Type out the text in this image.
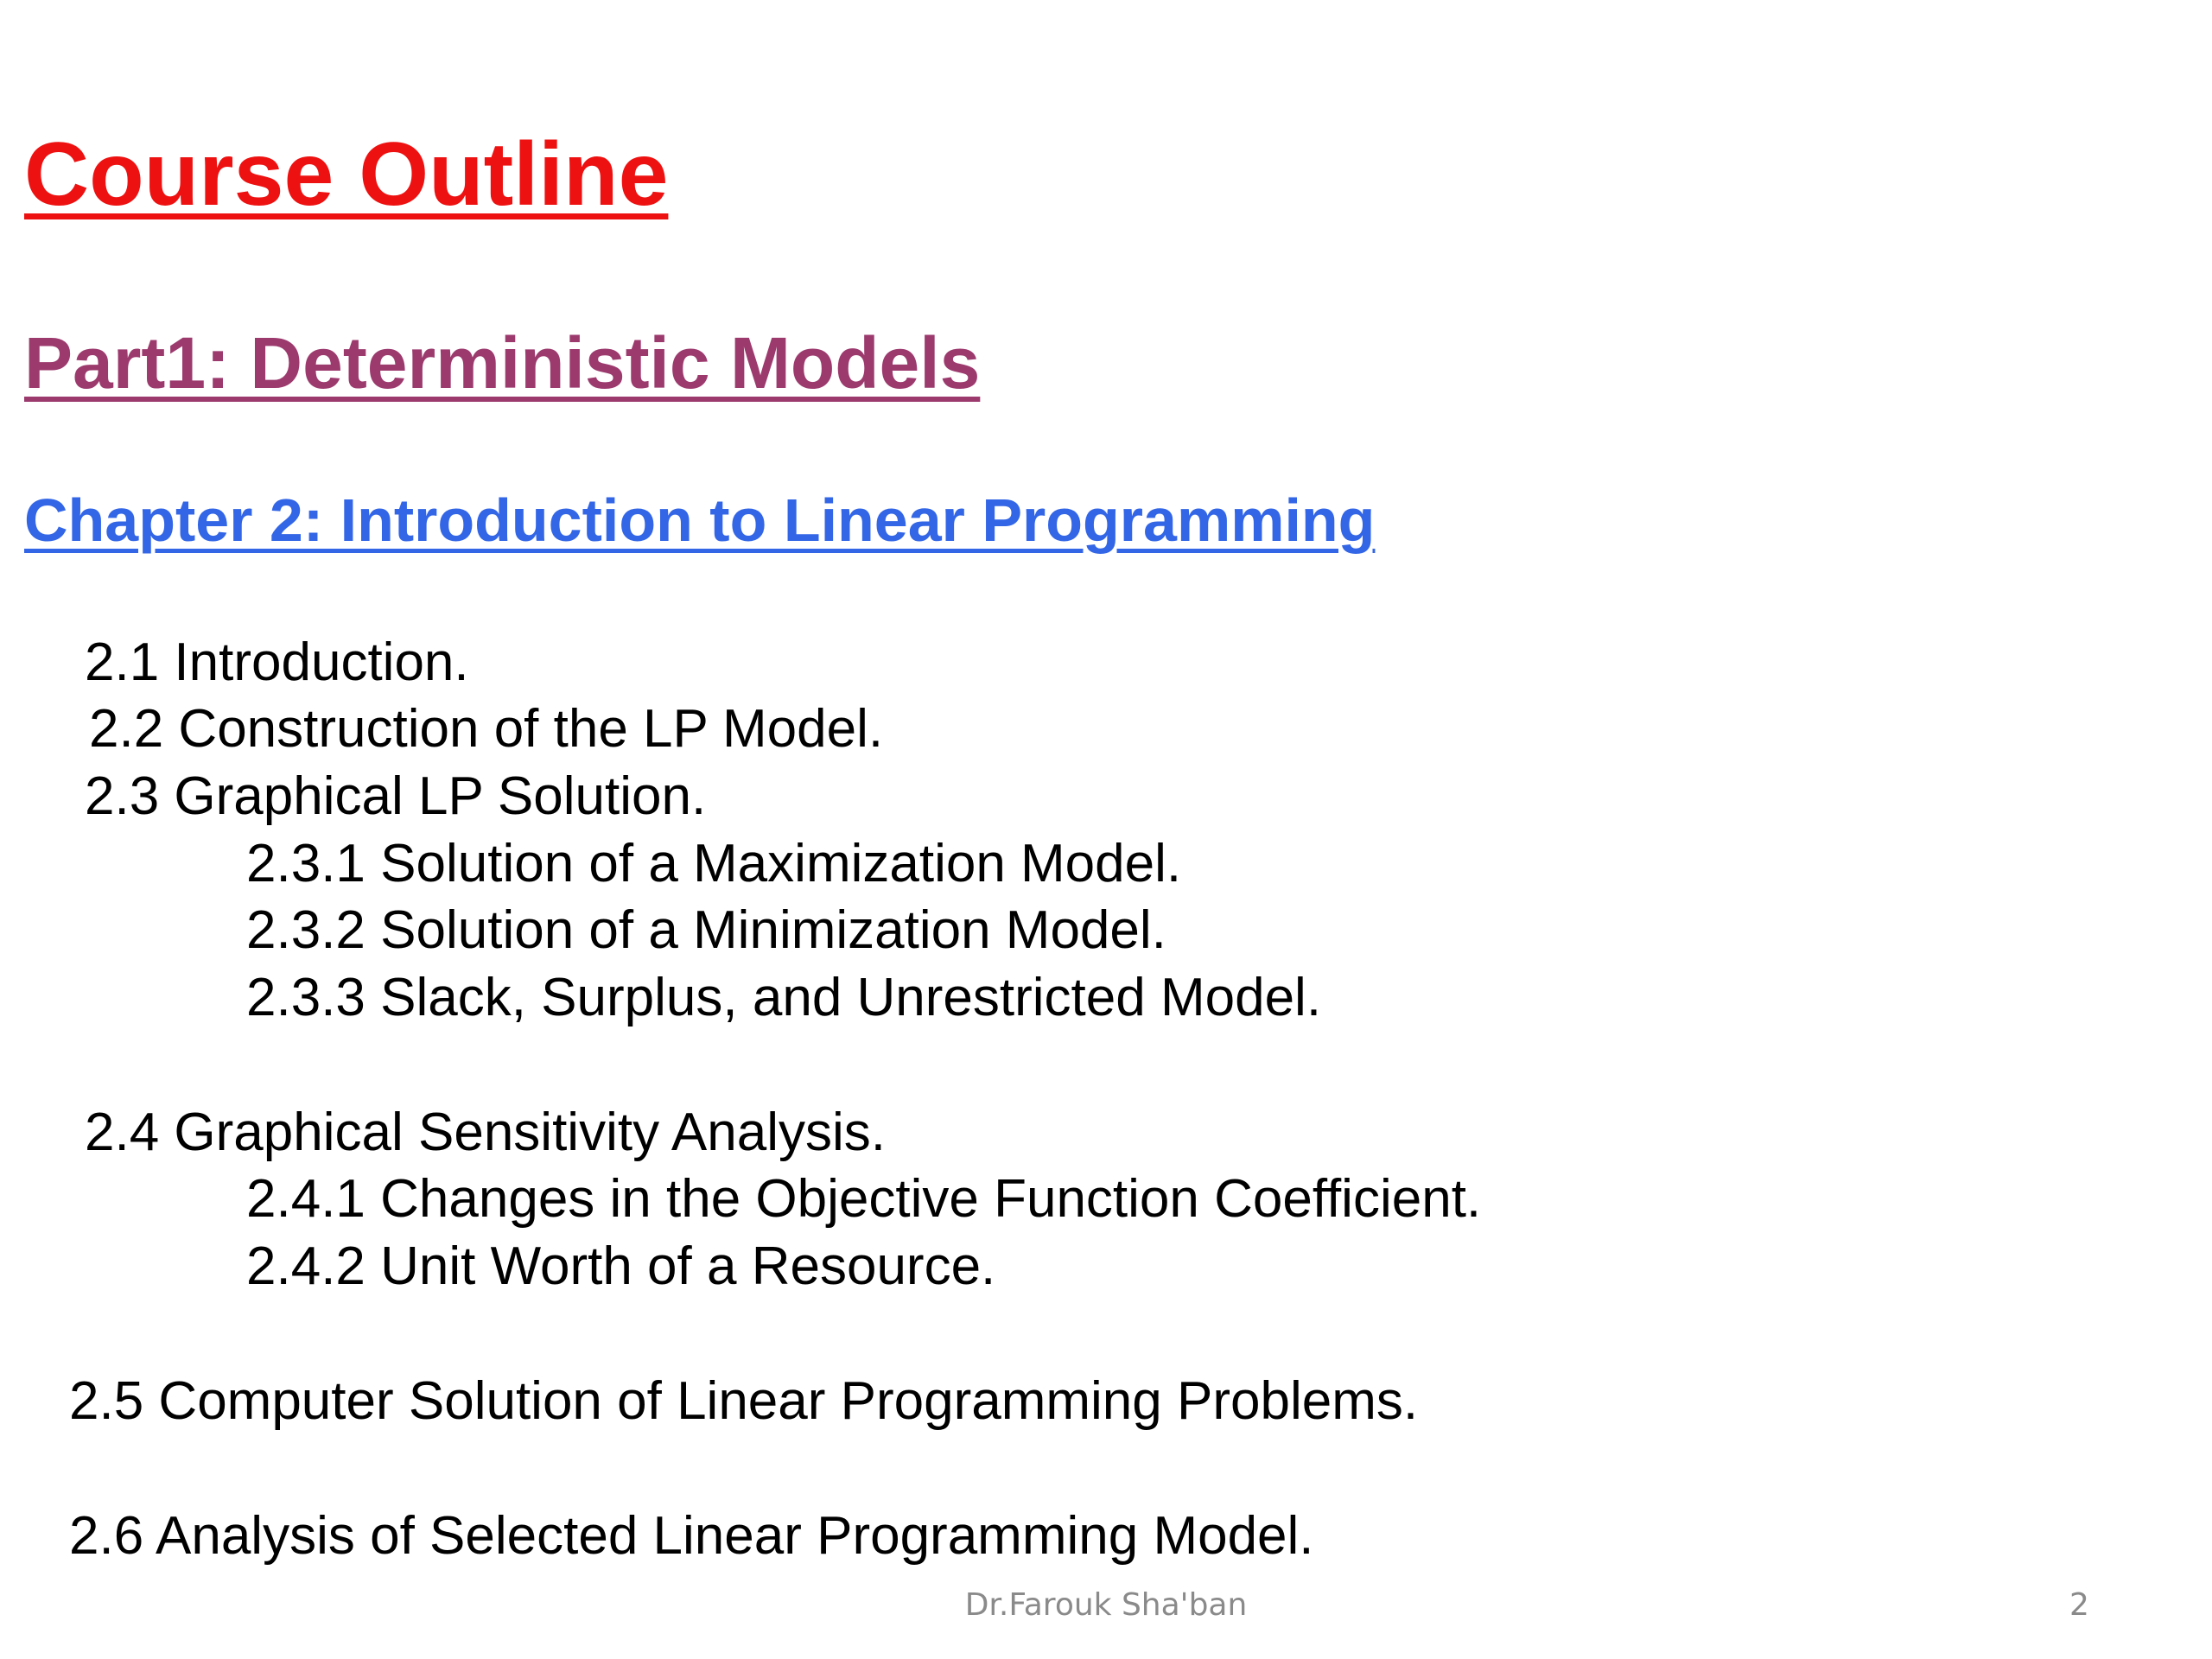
Course Outline
Part1: Deterministic Models
Chapter 2: Introduction to Linear Programming
2.1 Introduction.
2.2 Construction of the LP Model.
2.3 Graphical LP Solution.
2.3.1 Solution of a Maximization Model.
2.3.2 Solution of a Minimization Model.
2.3.3 Slack, Surplus, and Unrestricted Model.
2.4 Graphical Sensitivity Analysis.
2.4.1 Changes in the Objective Function Coefficient.
2.4.2 Unit Worth of a Resource.
2.5 Computer Solution of Linear Programming Problems.
2.6 Analysis of Selected Linear Programming Model.
Dr.Farouk Sha'ban	2
